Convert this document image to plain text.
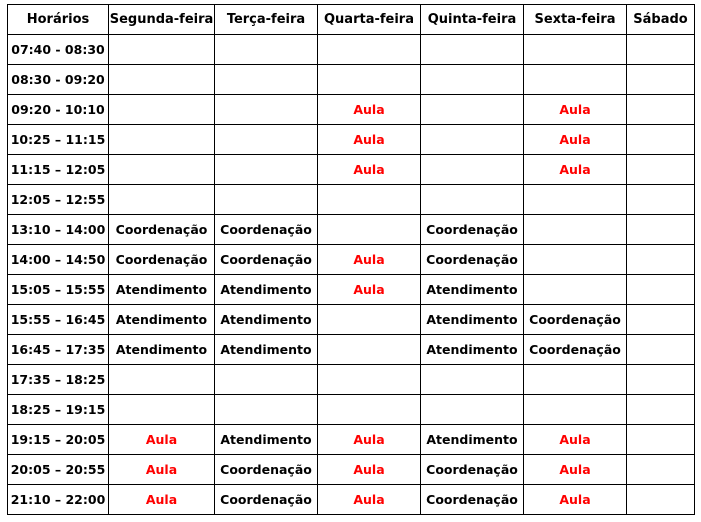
Horários	Segunda-feira	Terça-feira	Quarta-feira	Quinta-feira	Sexta-feira	Sábado
07:40 - 08:30						
08:30 - 09:20						
09:20 - 10:10			Aula		Aula	
10:25 – 11:15			Aula		Aula	
11:15 – 12:05			Aula		Aula	
12:05 – 12:55						
13:10 – 14:00	Coordenação	Coordenação		Coordenação		
14:00 – 14:50	Coordenação	Coordenação	Aula	Coordenação		
15:05 – 15:55	Atendimento	Atendimento	Aula	Atendimento		
15:55 – 16:45	Atendimento	Atendimento		Atendimento	Coordenação	
16:45 – 17:35	Atendimento	Atendimento		Atendimento	Coordenação	
17:35 – 18:25						
18:25 – 19:15						
19:15 – 20:05	Aula	Atendimento	Aula	Atendimento	Aula	
20:05 – 20:55	Aula	Coordenação	Aula	Coordenação	Aula	
21:10 – 22:00	Aula	Coordenação	Aula	Coordenação	Aula	
